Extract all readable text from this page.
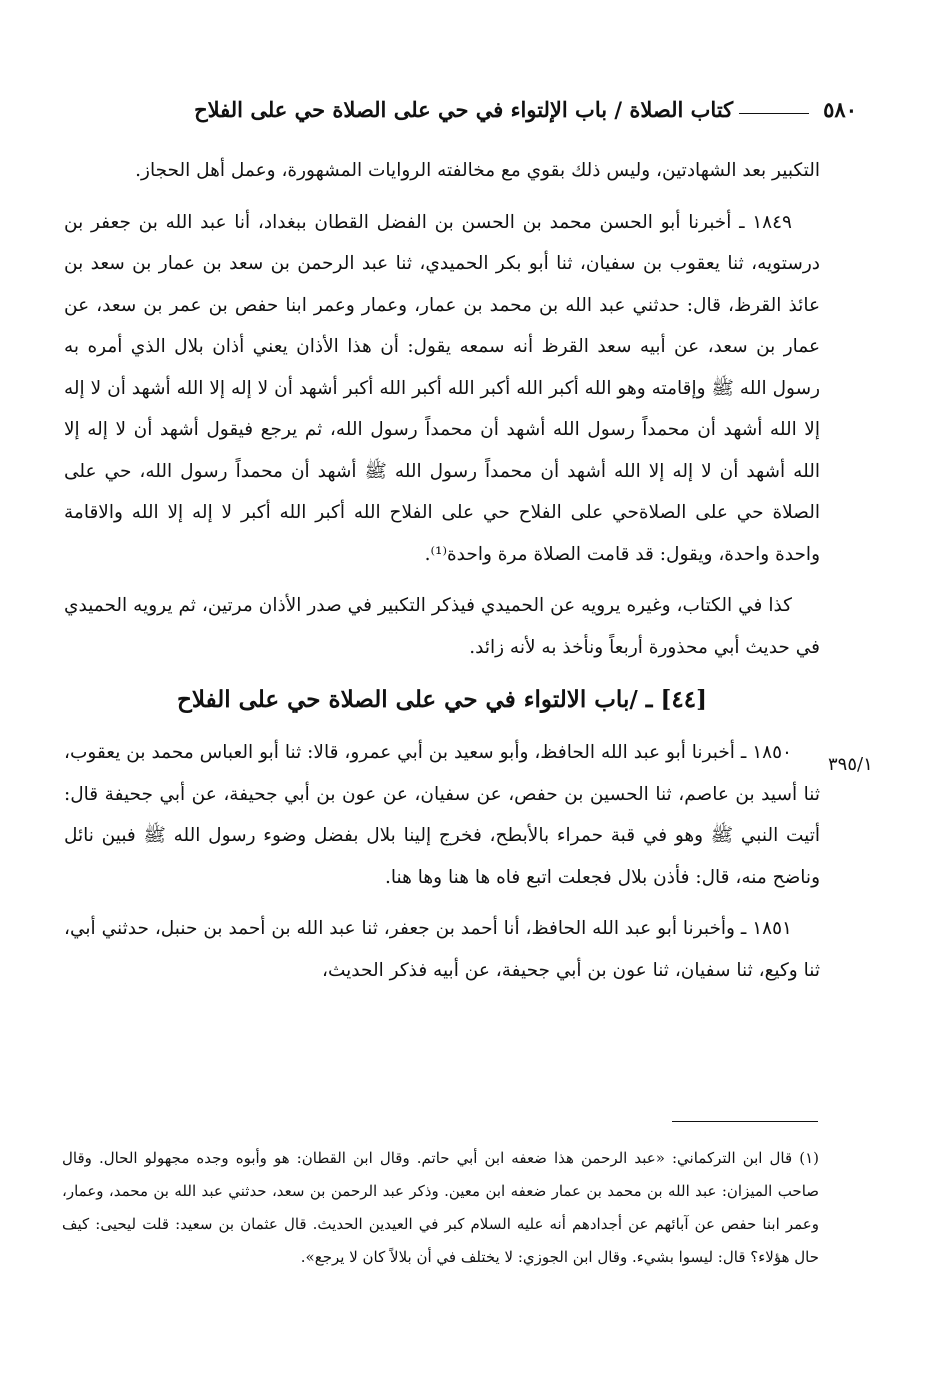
٥٨٠
كتاب الصلاة / باب الإلتواء في حي على الصلاة حي على الفلاح

التكبير بعد الشهادتين، وليس ذلك بقوي مع مخالفته الروايات المشهورة، وعمل أهل الحجاز.

١٨٤٩ ـ أخبرنا أبو الحسن محمد بن الحسن بن الفضل القطان ببغداد، أنا عبد الله بن جعفر بن درستويه، ثنا يعقوب بن سفيان، ثنا أبو بكر الحميدي، ثنا عبد الرحمن بن سعد بن عمار بن سعد بن عائذ القرظ، قال: حدثني عبد الله بن محمد بن عمار، وعمار وعمر ابنا حفص بن عمر بن سعد، عن عمار بن سعد، عن أبيه سعد القرظ أنه سمعه يقول: أن هذا الأذان يعني أذان بلال الذي أمره به رسول الله ﷺ وإقامته وهو الله أكبر الله أكبر الله أكبر الله أكبر أشهد أن لا إله إلا الله أشهد أن لا إله إلا الله أشهد أن محمداً رسول الله أشهد أن محمداً رسول الله، ثم يرجع فيقول أشهد أن لا إله إلا الله أشهد أن لا إله إلا الله أشهد أن محمداً رسول الله ﷺ أشهد أن محمداً رسول الله، حي على الصلاة حي على الصلاةحي على الفلاح حي على الفلاح الله أكبر الله أكبر لا إله إلا الله والاقامة واحدة واحدة، ويقول: قد قامت الصلاة مرة واحدة⁽¹⁾.

كذا في الكتاب، وغيره يرويه عن الحميدي فيذكر التكبير في صدر الأذان مرتين، ثم يرويه الحميدي في حديث أبي محذورة أربعاً ونأخذ به لأنه زائد.

[٤٤] ـ /باب الالتواء في حي على الصلاة حي على الفلاح

١٨٥٠ ـ أخبرنا أبو عبد الله الحافظ، وأبو سعيد بن أبي عمرو، قالا: ثنا أبو العباس محمد بن يعقوب، ثنا أسيد بن عاصم، ثنا الحسين بن حفص، عن سفيان، عن عون بن أبي جحيفة، عن أبي جحيفة قال: أتيت النبي ﷺ وهو في قبة حمراء بالأبطح، فخرج إلينا بلال بفضل وضوء رسول الله ﷺ فبين نائل وناضح منه، قال: فأذن بلال فجعلت اتبع فاه ها هنا وها هنا.

١٨٥١ ـ وأخبرنا أبو عبد الله الحافظ، أنا أحمد بن جعفر، ثنا عبد الله بن أحمد بن حنبل، حدثني أبي، ثنا وكيع، ثنا سفيان، ثنا عون بن أبي جحيفة، عن أبيه فذكر الحديث،

٣٩٥/١

(١) قال ابن التركماني: «عبد الرحمن هذا ضعفه ابن أبي حاتم. وقال ابن القطان: هو وأبوه وجده مجهولو الحال. وقال صاحب الميزان: عبد الله بن محمد بن عمار ضعفه ابن معين. وذكر عبد الرحمن بن سعد، حدثني عبد الله بن محمد، وعمار، وعمر ابنا حفص عن آبائهم عن أجدادهم أنه عليه السلام كبر في العيدين الحديث. قال عثمان بن سعيد: قلت ليحيى: كيف حال هؤلاء؟ قال: ليسوا بشيء. وقال ابن الجوزي: لا يختلف في أن بلالاً كان لا يرجع».
